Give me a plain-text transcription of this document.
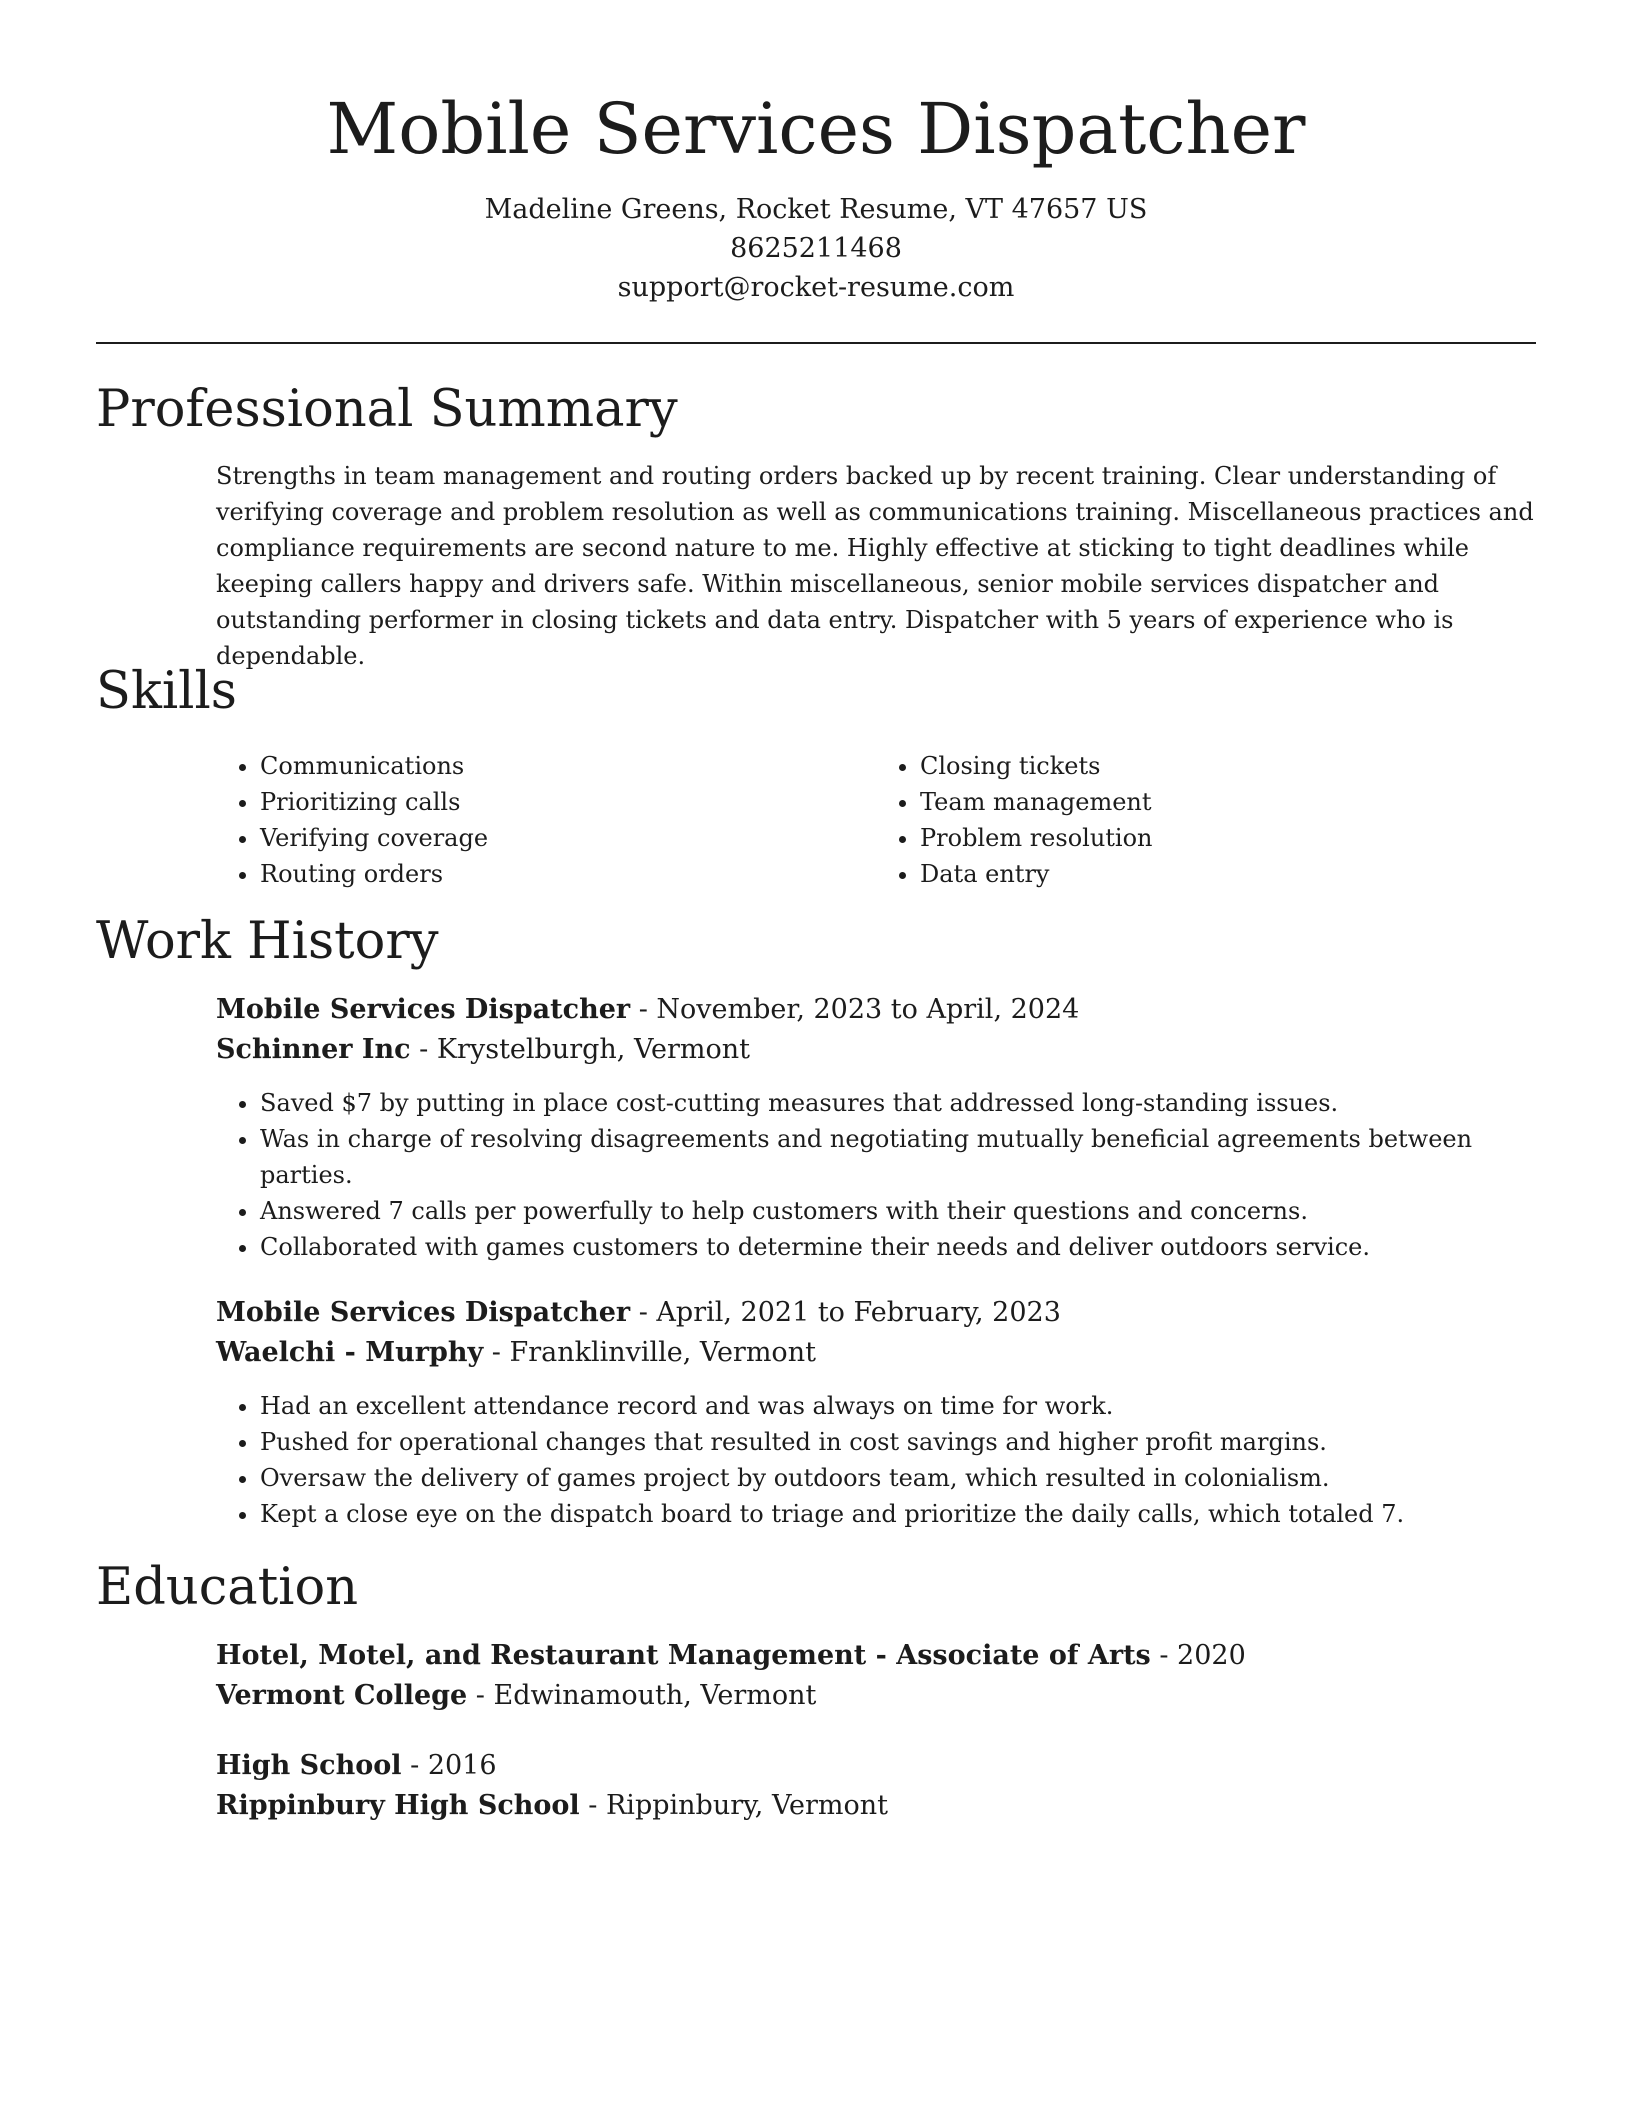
Mobile Services Dispatcher
Madeline Greens, Rocket Resume, VT 47657 US
8625211468
support@rocket-resume.com
Professional Summary

Strengths in team management and routing orders backed up by recent training. Clear understanding of verifying coverage and problem resolution as well as communications training. Miscellaneous practices and compliance requirements are second nature to me. Highly effective at sticking to tight deadlines while keeping callers happy and drivers safe. Within miscellaneous, senior mobile services dispatcher and outstanding performer in closing tickets and data entry. Dispatcher with 5 years of experience who is dependable.

Skills
• Communications
• Prioritizing calls
• Verifying coverage
• Routing orders
• Closing tickets
• Team management
• Problem resolution
• Data entry
Work History
Mobile Services Dispatcher - November, 2023 to April, 2024
Schinner Inc - Krystelburgh, Vermont
• Saved $7 by putting in place cost-cutting measures that addressed long-standing issues.
• Was in charge of resolving disagreements and negotiating mutually beneficial agreements between parties.
• Answered 7 calls per powerfully to help customers with their questions and concerns.
• Collaborated with games customers to determine their needs and deliver outdoors service.
Mobile Services Dispatcher - April, 2021 to February, 2023
Waelchi - Murphy - Franklinville, Vermont
• Had an excellent attendance record and was always on time for work.
• Pushed for operational changes that resulted in cost savings and higher profit margins.
• Oversaw the delivery of games project by outdoors team, which resulted in colonialism.
• Kept a close eye on the dispatch board to triage and prioritize the daily calls, which totaled 7.
Education
Hotel, Motel, and Restaurant Management - Associate of Arts - 2020
Vermont College - Edwinamouth, Vermont
High School - 2016
Rippinbury High School - Rippinbury, Vermont
